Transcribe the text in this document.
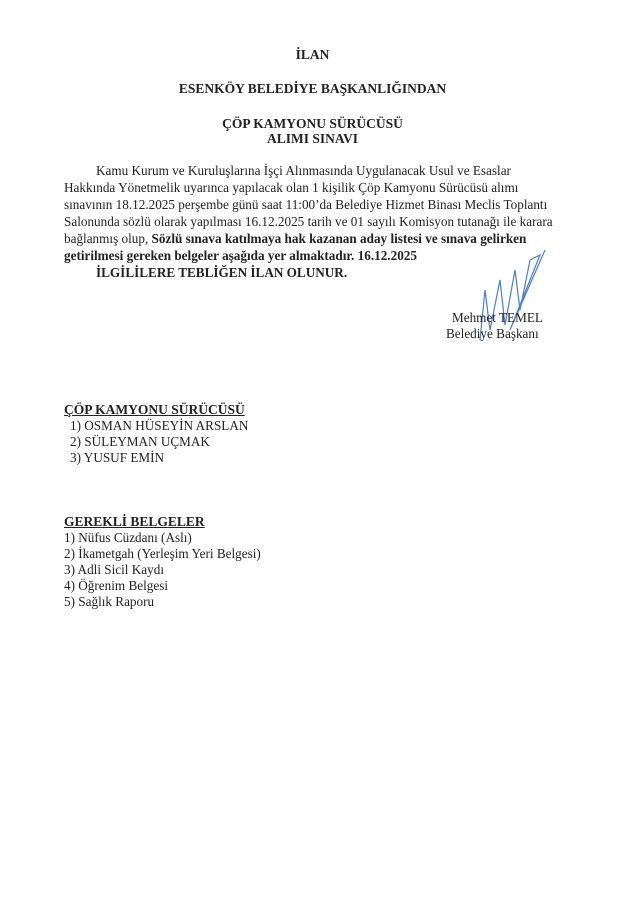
İLAN
ESENKÖY BELEDİYE BAŞKANLIĞINDAN
ÇÖP KAMYONU SÜRÜCÜSÜ
ALIMI SINAVI

Kamu Kurum ve Kuruluşlarına İşçi Alınmasında Uygulanacak Usul ve Esaslar Hakkında Yönetmelik uyarınca yapılacak olan 1 kişilik Çöp Kamyonu Sürücüsü alımı sınavının 18.12.2025 perşembe günü saat 11:00’da Belediye Hizmet Binası Meclis Toplantı Salonunda sözlü olarak yapılması 16.12.2025 tarih ve 01 sayılı Komisyon tutanağı ile karara bağlanmış olup, Sözlü sınava katılmaya hak kazanan aday listesi ve sınava gelirken getirilmesi gereken belgeler aşağıda yer almaktadır. 16.12.2025

İLGİLİLERE TEBLİĞEN İLAN OLUNUR.

Mehmet TEMEL
Belediye Başkanı
ÇÖP KAMYONU SÜRÜCÜSÜ
1) OSMAN HÜSEYİN ARSLAN
2) SÜLEYMAN UÇMAK
3) YUSUF EMİN
GEREKLİ BELGELER
1) Nüfus Cüzdanı (Aslı)
2) İkametgah (Yerleşim Yeri Belgesi)
3) Adli Sicil Kaydı
4) Öğrenim Belgesi
5) Sağlık Raporu
